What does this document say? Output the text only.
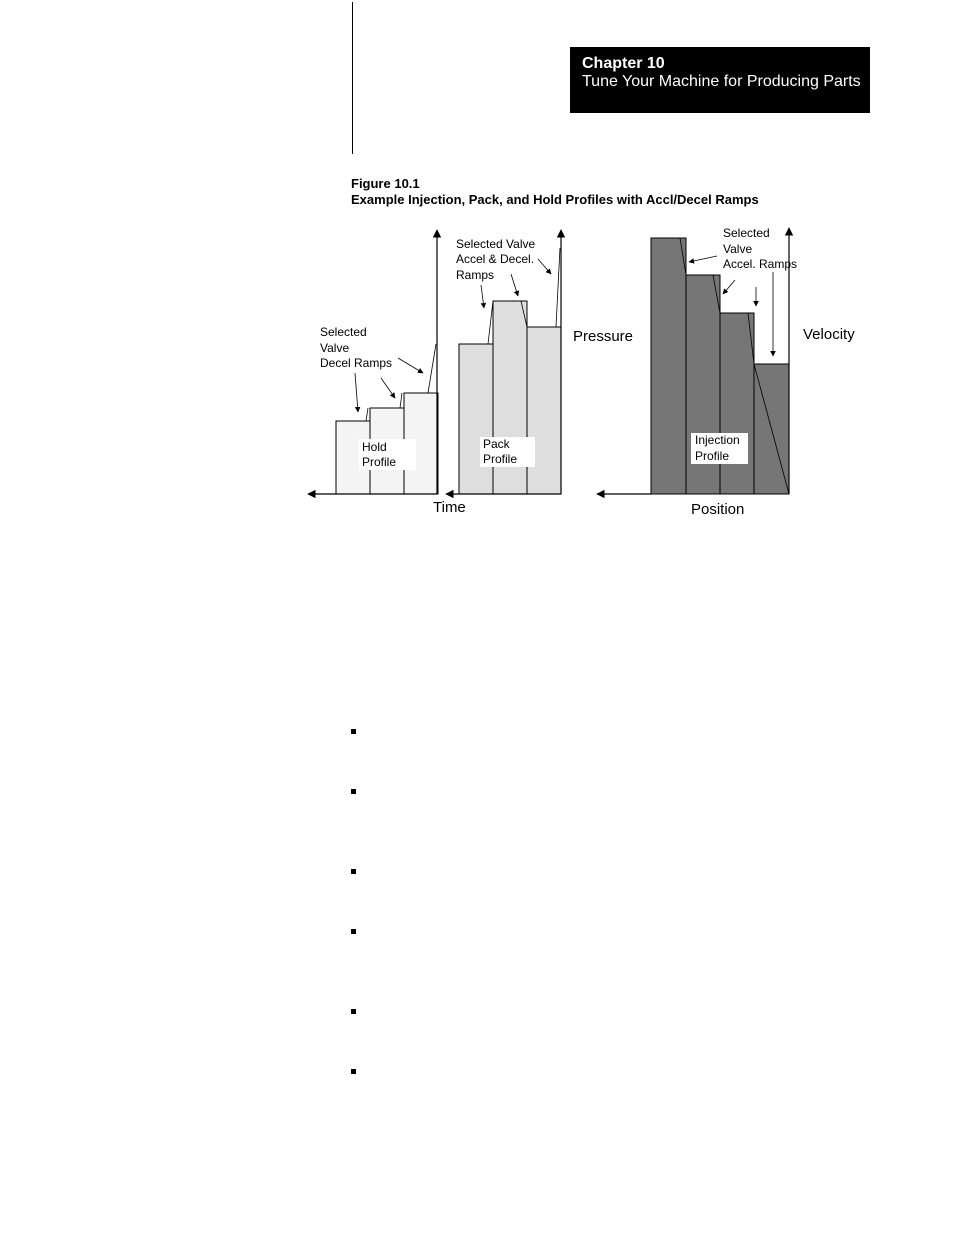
Chapter 10
Tune Your Machine for Producing Parts
Figure 10.1
Example Injection, Pack, and Hold Profiles with Accl/Decel Ramps
Hold
Profile
Pack
Profile
Injection
Profile
Selected
Valve
Decel Ramps
Selected Valve
Accel & Decel.
Ramps
Selected
Valve
Accel. Ramps
Pressure	Velocity
Time	Position
